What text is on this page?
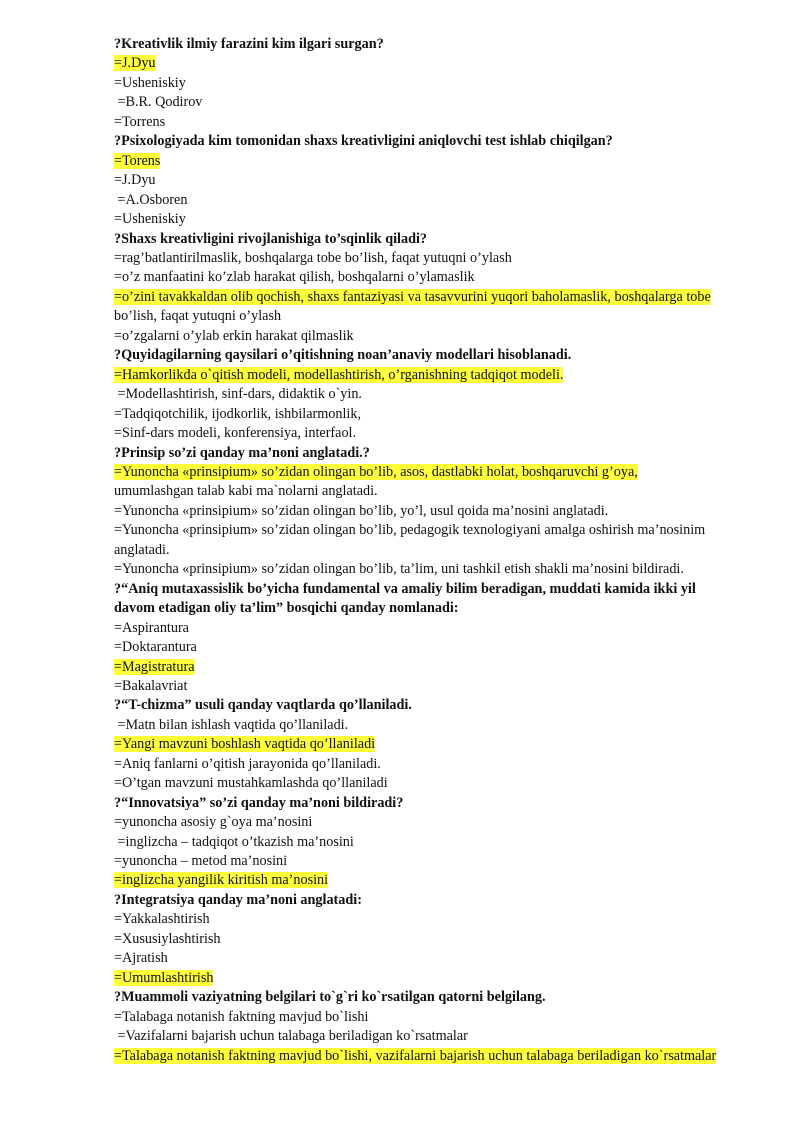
?Kreativlik ilmiy farazini kim ilgari surgan?
=J.Dyu
=Usheniskiy
=B.R. Qodirov
=Torrens
?Psixologiyada kim tomonidan shaxs kreativligini aniqlovchi test ishlab chiqilgan?
=Torens
=J.Dyu
=A.Osboren
=Usheniskiy
?Shaxs kreativligini rivojlanishiga to’sqinlik qiladi?
=rag’batlantirilmaslik, boshqalarga tobe bo’lish, faqat yutuqni o’ylash
=o’z manfaatini ko’zlab harakat qilish, boshqalarni o’ylamaslik
=o’zini tavakkaldan olib qochish, shaxs fantaziyasi va tasavvurini yuqori baholamaslik, boshqalarga tobe
bo’lish, faqat yutuqni o’ylash
=o’zgalarni o’ylab erkin harakat qilmaslik
?Quyidagilarning qaysilari o’qitishning noan’anaviy modellari hisoblanadi.
=Hamkorlikda o`qitish modeli, modellashtirish, o’rganishning tadqiqot modeli.
=Modellashtirish, sinf-dars, didaktik o`yin.
=Tadqiqotchilik, ijodkorlik, ishbilarmonlik,
=Sinf-dars modeli, konferensiya, interfaol.
?Prinsip so’zi qanday ma’noni anglatadi.?
=Yunoncha «prinsipium» so’zidan olingan bo’lib, asos, dastlabki holat, boshqaruvchi g’oya,
umumlashgan talab kabi ma`nolarni anglatadi.
=Yunoncha «prinsipium» so’zidan olingan bo’lib, yo’l, usul qoida ma’nosini anglatadi.
=Yunoncha «prinsipium» so’zidan olingan bo’lib, pedagogik texnologiyani amalga oshirish ma’nosinim
anglatadi.
=Yunoncha «prinsipium» so’zidan olingan bo’lib, ta’lim, uni tashkil etish shakli ma’nosini bildiradi.
?“Aniq mutaxassislik bo’yicha fundamental va amaliy bilim beradigan, muddati kamida ikki yil
davom etadigan oliy ta’lim” bosqichi qanday nomlanadi:
=Aspirantura
=Doktarantura
=Magistratura
=Bakalavriat
?“T-chizma” usuli qanday vaqtlarda qo’llaniladi.
=Matn bilan ishlash vaqtida qo’llaniladi.
=Yangi mavzuni boshlash vaqtida qo’llaniladi
=Aniq fanlarni o’qitish jarayonida qo’llaniladi.
=O’tgan mavzuni mustahkamlashda qo’llaniladi
?“Innovatsiya” so’zi qanday ma’noni bildiradi?
=yunoncha asosiy g`oya ma’nosini
=inglizcha – tadqiqot o’tkazish ma’nosini
=yunoncha – metod ma’nosini
=inglizcha yangilik kiritish ma’nosini
?Integratsiya qanday ma’noni anglatadi:
=Yakkalashtirish
=Xususiylashtirish
=Ajratish
=Umumlashtirish
?Muammoli vaziyatning belgilari to`g`ri ko`rsatilgan qatorni belgilang.
=Talabaga notanish faktning mavjud bo`lishi
=Vazifalarni bajarish uchun talabaga beriladigan ko`rsatmalar
=Talabaga notanish faktning mavjud bo`lishi, vazifalarni bajarish uchun talabaga beriladigan ko`rsatmalar
